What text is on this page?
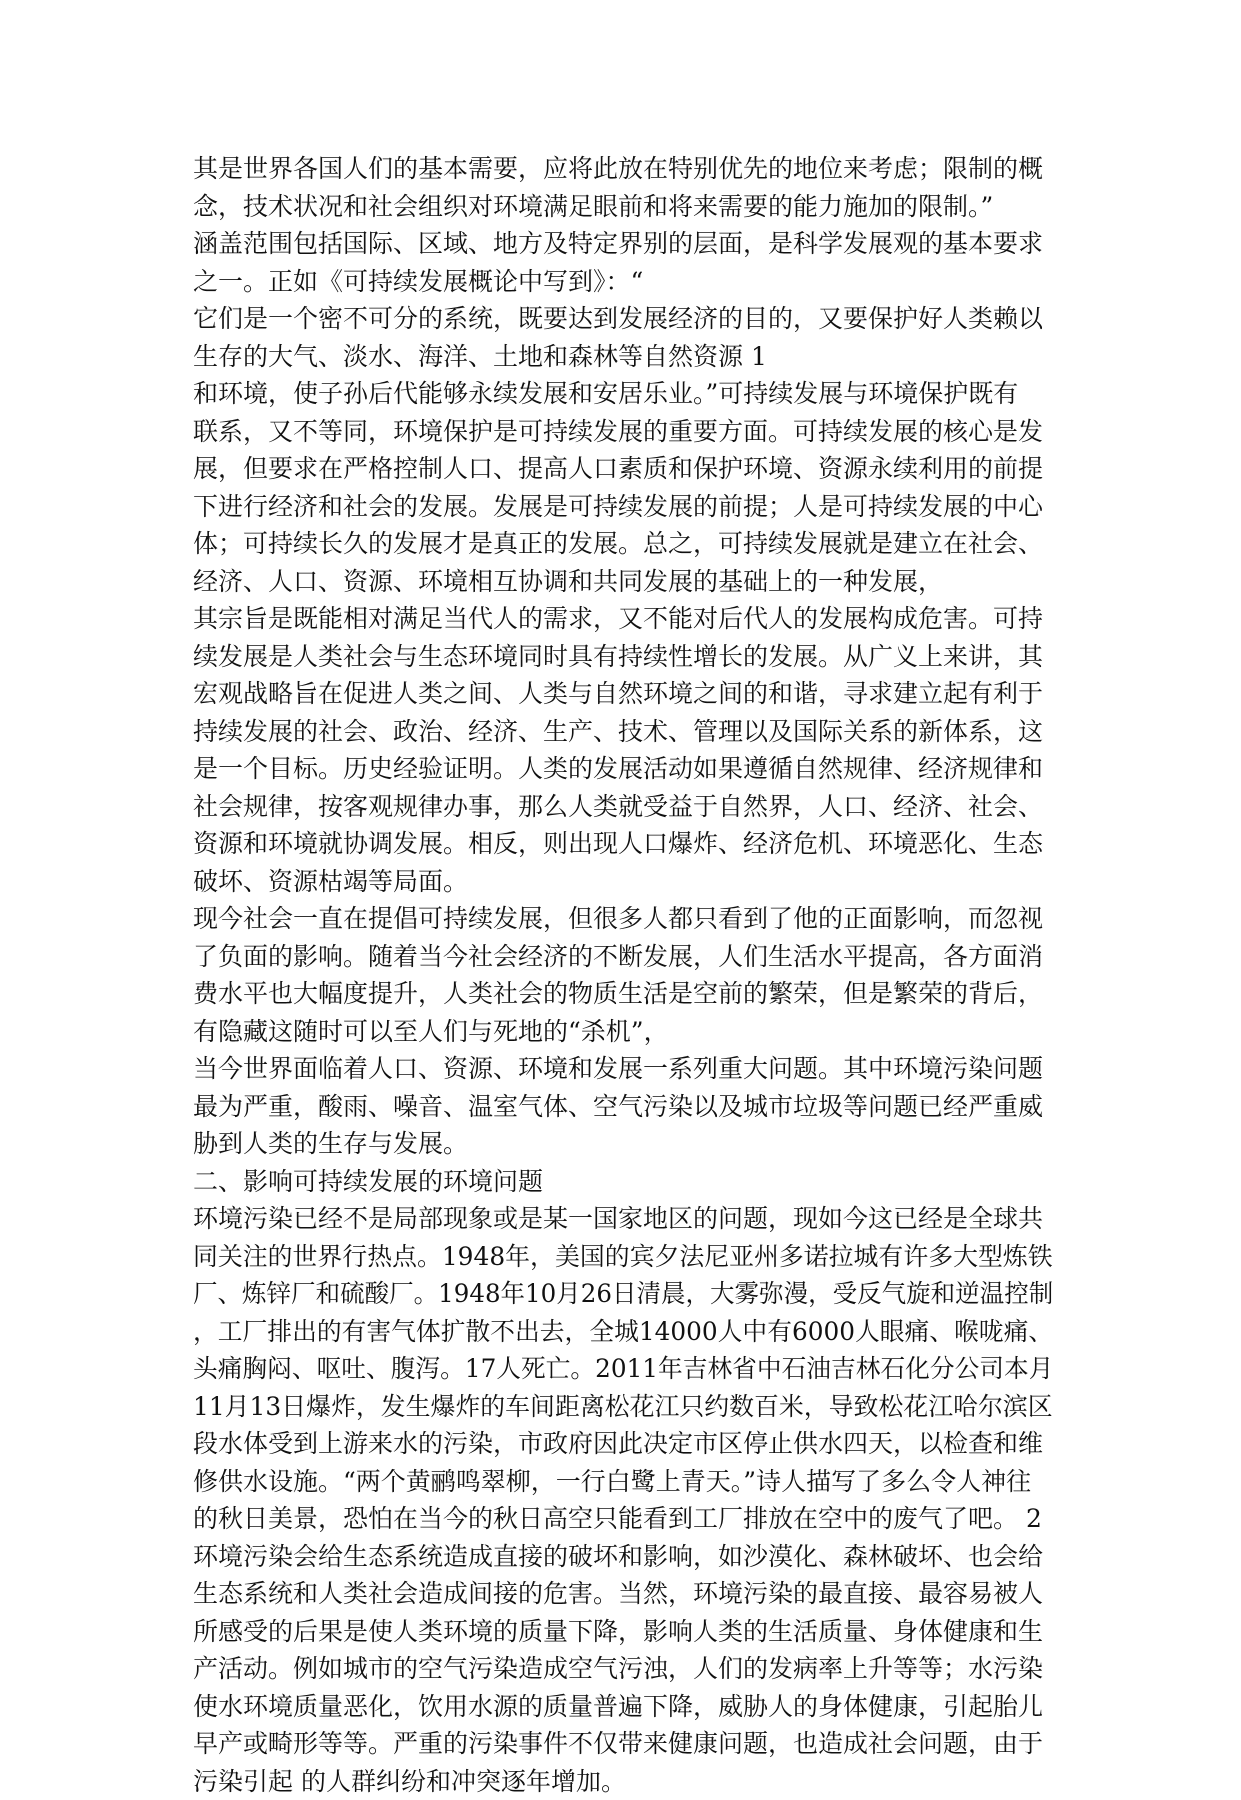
其是世界各国人们的基本需要，应将此放在特别优先的地位来考虑；限制的概
念，技术状况和社会组织对环境满足眼前和将来需要的能力施加的限制。”
涵盖范围包括国际、区域、地方及特定界别的层面，是科学发展观的基本要求
之一。正如《可持续发展概论中写到》：“
它们是一个密不可分的系统，既要达到发展经济的目的，又要保护好人类赖以
生存的大气、淡水、海洋、土地和森林等自然资源 1
和环境，使子孙后代能够永续发展和安居乐业。”可持续发展与环境保护既有
联系，又不等同，环境保护是可持续发展的重要方面。可持续发展的核心是发
展，但要求在严格控制人口、提高人口素质和保护环境、资源永续利用的前提
下进行经济和社会的发展。发展是可持续发展的前提；人是可持续发展的中心
体；可持续长久的发展才是真正的发展。总之，可持续发展就是建立在社会、
经济、人口、资源、环境相互协调和共同发展的基础上的一种发展，
其宗旨是既能相对满足当代人的需求，又不能对后代人的发展构成危害。可持
续发展是人类社会与生态环境同时具有持续性增长的发展。从广义上来讲，其
宏观战略旨在促进人类之间、人类与自然环境之间的和谐，寻求建立起有利于
持续发展的社会、政治、经济、生产、技术、管理以及国际关系的新体系，这
是一个目标。历史经验证明。人类的发展活动如果遵循自然规律、经济规律和
社会规律，按客观规律办事，那么人类就受益于自然界，人口、经济、社会、
资源和环境就协调发展。相反，则出现人口爆炸、经济危机、环境恶化、生态
破坏、资源枯竭等局面。
现今社会一直在提倡可持续发展，但很多人都只看到了他的正面影响，而忽视
了负面的影响。随着当今社会经济的不断发展，人们生活水平提高，各方面消
费水平也大幅度提升，人类社会的物质生活是空前的繁荣，但是繁荣的背后，
有隐藏这随时可以至人们与死地的“杀机”，
当今世界面临着人口、资源、环境和发展一系列重大问题。其中环境污染问题
最为严重，酸雨、噪音、温室气体、空气污染以及城市垃圾等问题已经严重威
胁到人类的生存与发展。
二、影响可持续发展的环境问题
环境污染已经不是局部现象或是某一国家地区的问题，现如今这已经是全球共
同关注的世界行热点。1948年，美国的宾夕法尼亚州多诺拉城有许多大型炼铁
厂、炼锌厂和硫酸厂。1948年10月26日清晨，大雾弥漫，受反气旋和逆温控制
，工厂排出的有害气体扩散不出去，全城14000人中有6000人眼痛、喉咙痛、
头痛胸闷、呕吐、腹泻。17人死亡。2011年吉林省中石油吉林石化分公司本月
11月13日爆炸，发生爆炸的车间距离松花江只约数百米，导致松花江哈尔滨区
段水体受到上游来水的污染，市政府因此决定市区停止供水四天，以检查和维
修供水设施。“两个黄鹂鸣翠柳，一行白鹭上青天。”诗人描写了多么令人神往
的秋日美景，恐怕在当今的秋日高空只能看到工厂排放在空中的废气了吧。 2
环境污染会给生态系统造成直接的破坏和影响，如沙漠化、森林破坏、也会给
生态系统和人类社会造成间接的危害。当然，环境污染的最直接、最容易被人
所感受的后果是使人类环境的质量下降，影响人类的生活质量、身体健康和生
产活动。例如城市的空气污染造成空气污浊，人们的发病率上升等等；水污染
使水环境质量恶化，饮用水源的质量普遍下降，威胁人的身体健康，引起胎儿
早产或畸形等等。严重的污染事件不仅带来健康问题，也造成社会问题，由于
污染引起 的人群纠纷和冲突逐年增加。
